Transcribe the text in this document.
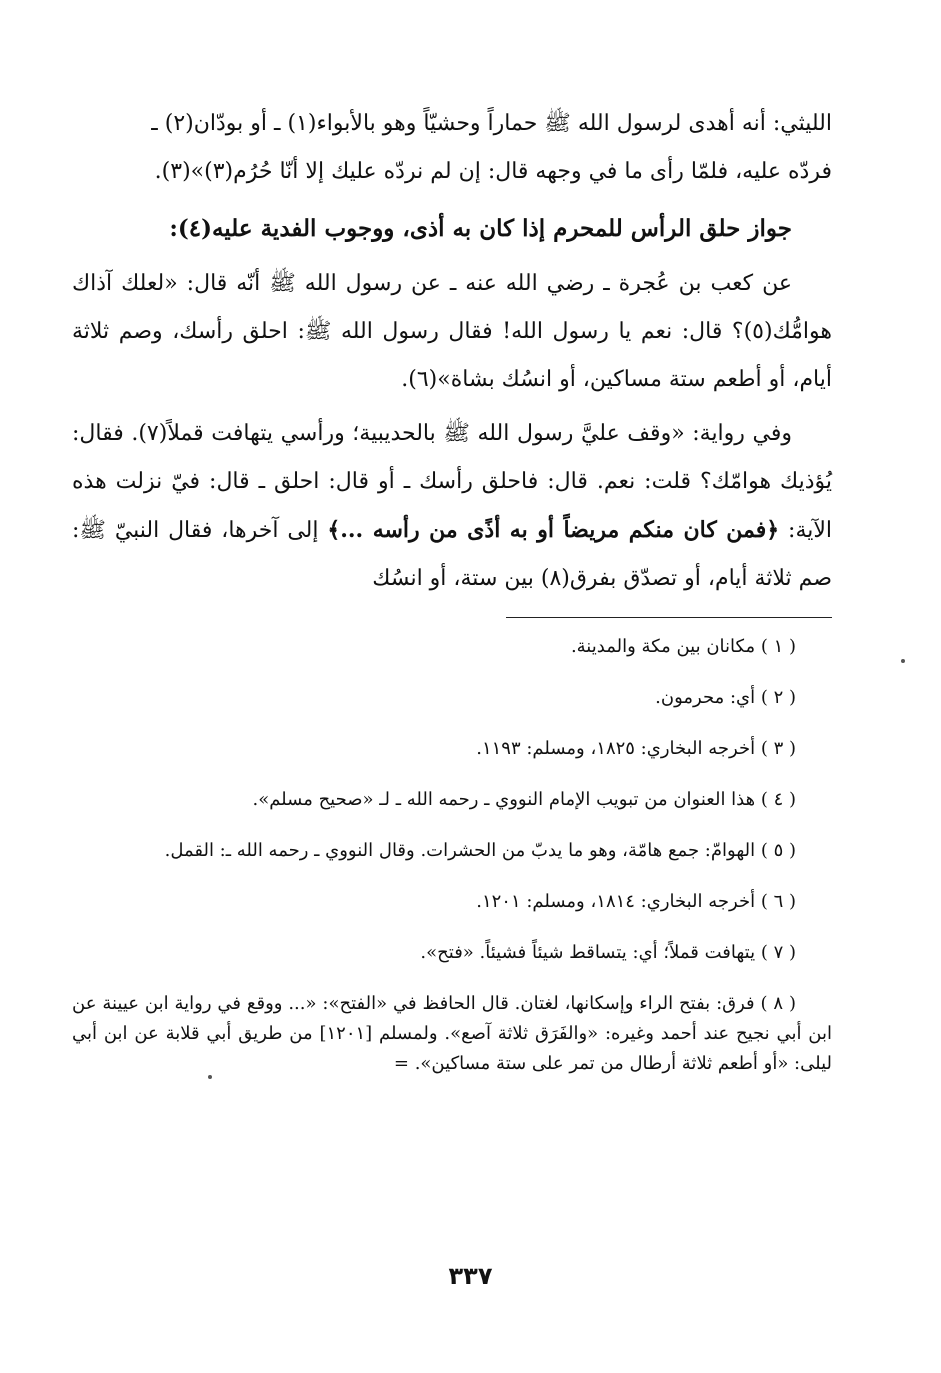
الليثي: أنه أهدى لرسول الله ﷺ حماراً وحشيّاً وهو بالأبواء(١) ـ أو بودّان(٢) ـ

فردّه عليه، فلمّا رأى ما في وجهه قال: إن لم نردّه عليك إلا أنّا حُرُم(٣)»(٣).

جواز حلق الرأس للمحرم إذا كان به أذى، ووجوب الفدية عليه(٤):

عن كعب بن عُجرة ـ رضي الله عنه ـ عن رسول الله ﷺ أنّه قال: «لعلك آذاك هوامُّك(٥)؟ قال: نعم يا رسول الله! فقال رسول الله ﷺ: احلق رأسك، وصم ثلاثة أيام، أو أطعم ستة مساكين، أو انسُك بشاة»(٦).

وفي رواية: «وقف عليَّ رسول الله ﷺ بالحديبية؛ ورأسي يتهافت قملاً(٧). فقال: يُؤذيك هوامّك؟ قلت: نعم. قال: فاحلق رأسك ـ أو قال: احلق ـ قال: فيّ نزلت هذه الآية: ﴿فمن كان منكم مريضاً أو به أذًى من رأسه ...﴾ إلى آخرها، فقال النبيّ ﷺ: صم ثلاثة أيام، أو تصدّق بفرق(٨) بين ستة، أو انسُك

( ١ ) مكانان بين مكة والمدينة.

( ٢ ) أي: محرمون.

( ٣ ) أخرجه البخاري: ١٨٢٥، ومسلم: ١١٩٣.

( ٤ ) هذا العنوان من تبويب الإمام النووي ـ رحمه الله ـ لـ «صحيح مسلم».

( ٥ ) الهوامّ: جمع هامّة، وهو ما يدبّ من الحشرات. وقال النووي ـ رحمه الله ـ: القمل.

( ٦ ) أخرجه البخاري: ١٨١٤، ومسلم: ١٢٠١.

( ٧ ) يتهافت قملاً؛ أي: يتساقط شيئاً فشيئاً. «فتح».

( ٨ ) فرق: بفتح الراء وإسكانها، لغتان. قال الحافظ في «الفتح»: «... ووقع في رواية ابن عيينة عن ابن أبي نجيح عند أحمد وغيره: «والفَرَق ثلاثة آصع». ولمسلم [١٢٠١] من طريق أبي قلابة عن ابن أبي ليلى: «أو أطعم ثلاثة أرطال من تمر على ستة مساكين». =

٣٣٧
